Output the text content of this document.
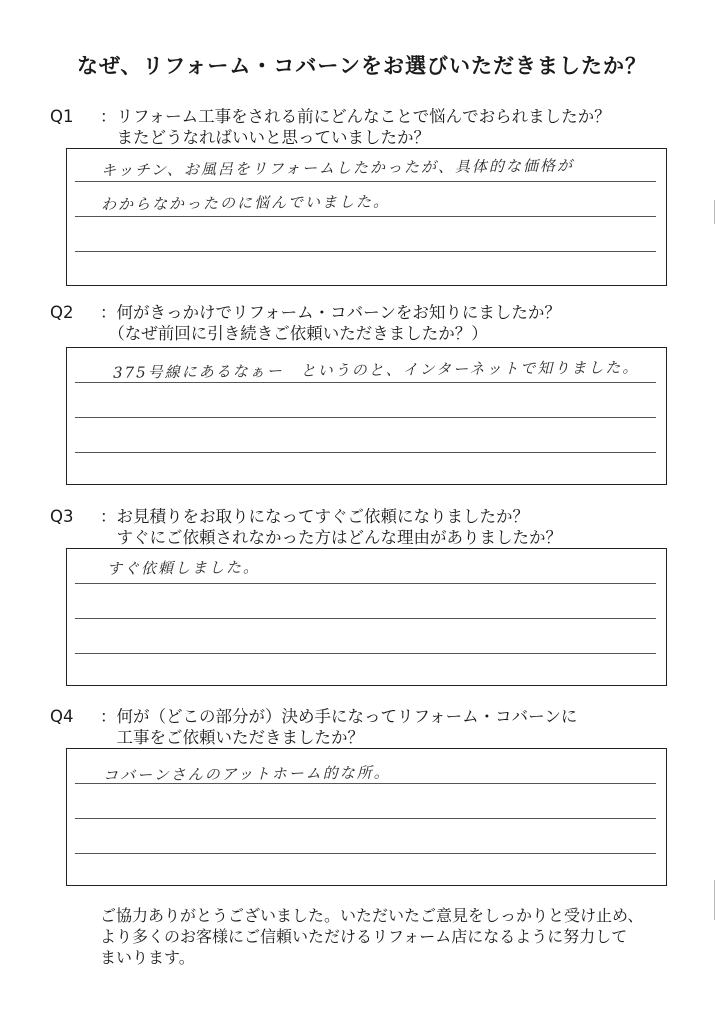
なぜ、リフォーム・コバーンをお選びいただきましたか？
Q1 ：リフォーム工事をされる前にどんなことで悩んでおられましたか？
　またどうなればいいと思っていましたか？
キッチン、お風呂をリフォームしたかったが、具体的な価格が
わからなかったのに悩んでいました。
Q2 ：何がきっかけでリフォーム・コバーンをお知りにましたか？
　（なぜ前回に引き続きご依頼いただきましたか？）
375号線にあるなぁー　というのと、インターネットで知りました。
Q3 ：お見積りをお取りになってすぐご依頼になりましたか？
　すぐにご依頼されなかった方はどんな理由がありましたか？
すぐ依頼しました。
Q4 ：何が（どこの部分が）決め手になってリフォーム・コバーンに
　工事をご依頼いただきましたか？
コバーンさんのアットホーム的な所。
ご協力ありがとうございました。いただいたご意見をしっかりと受け止め、
より多くのお客様にご信頼いただけるリフォーム店になるように努力して
まいります。
